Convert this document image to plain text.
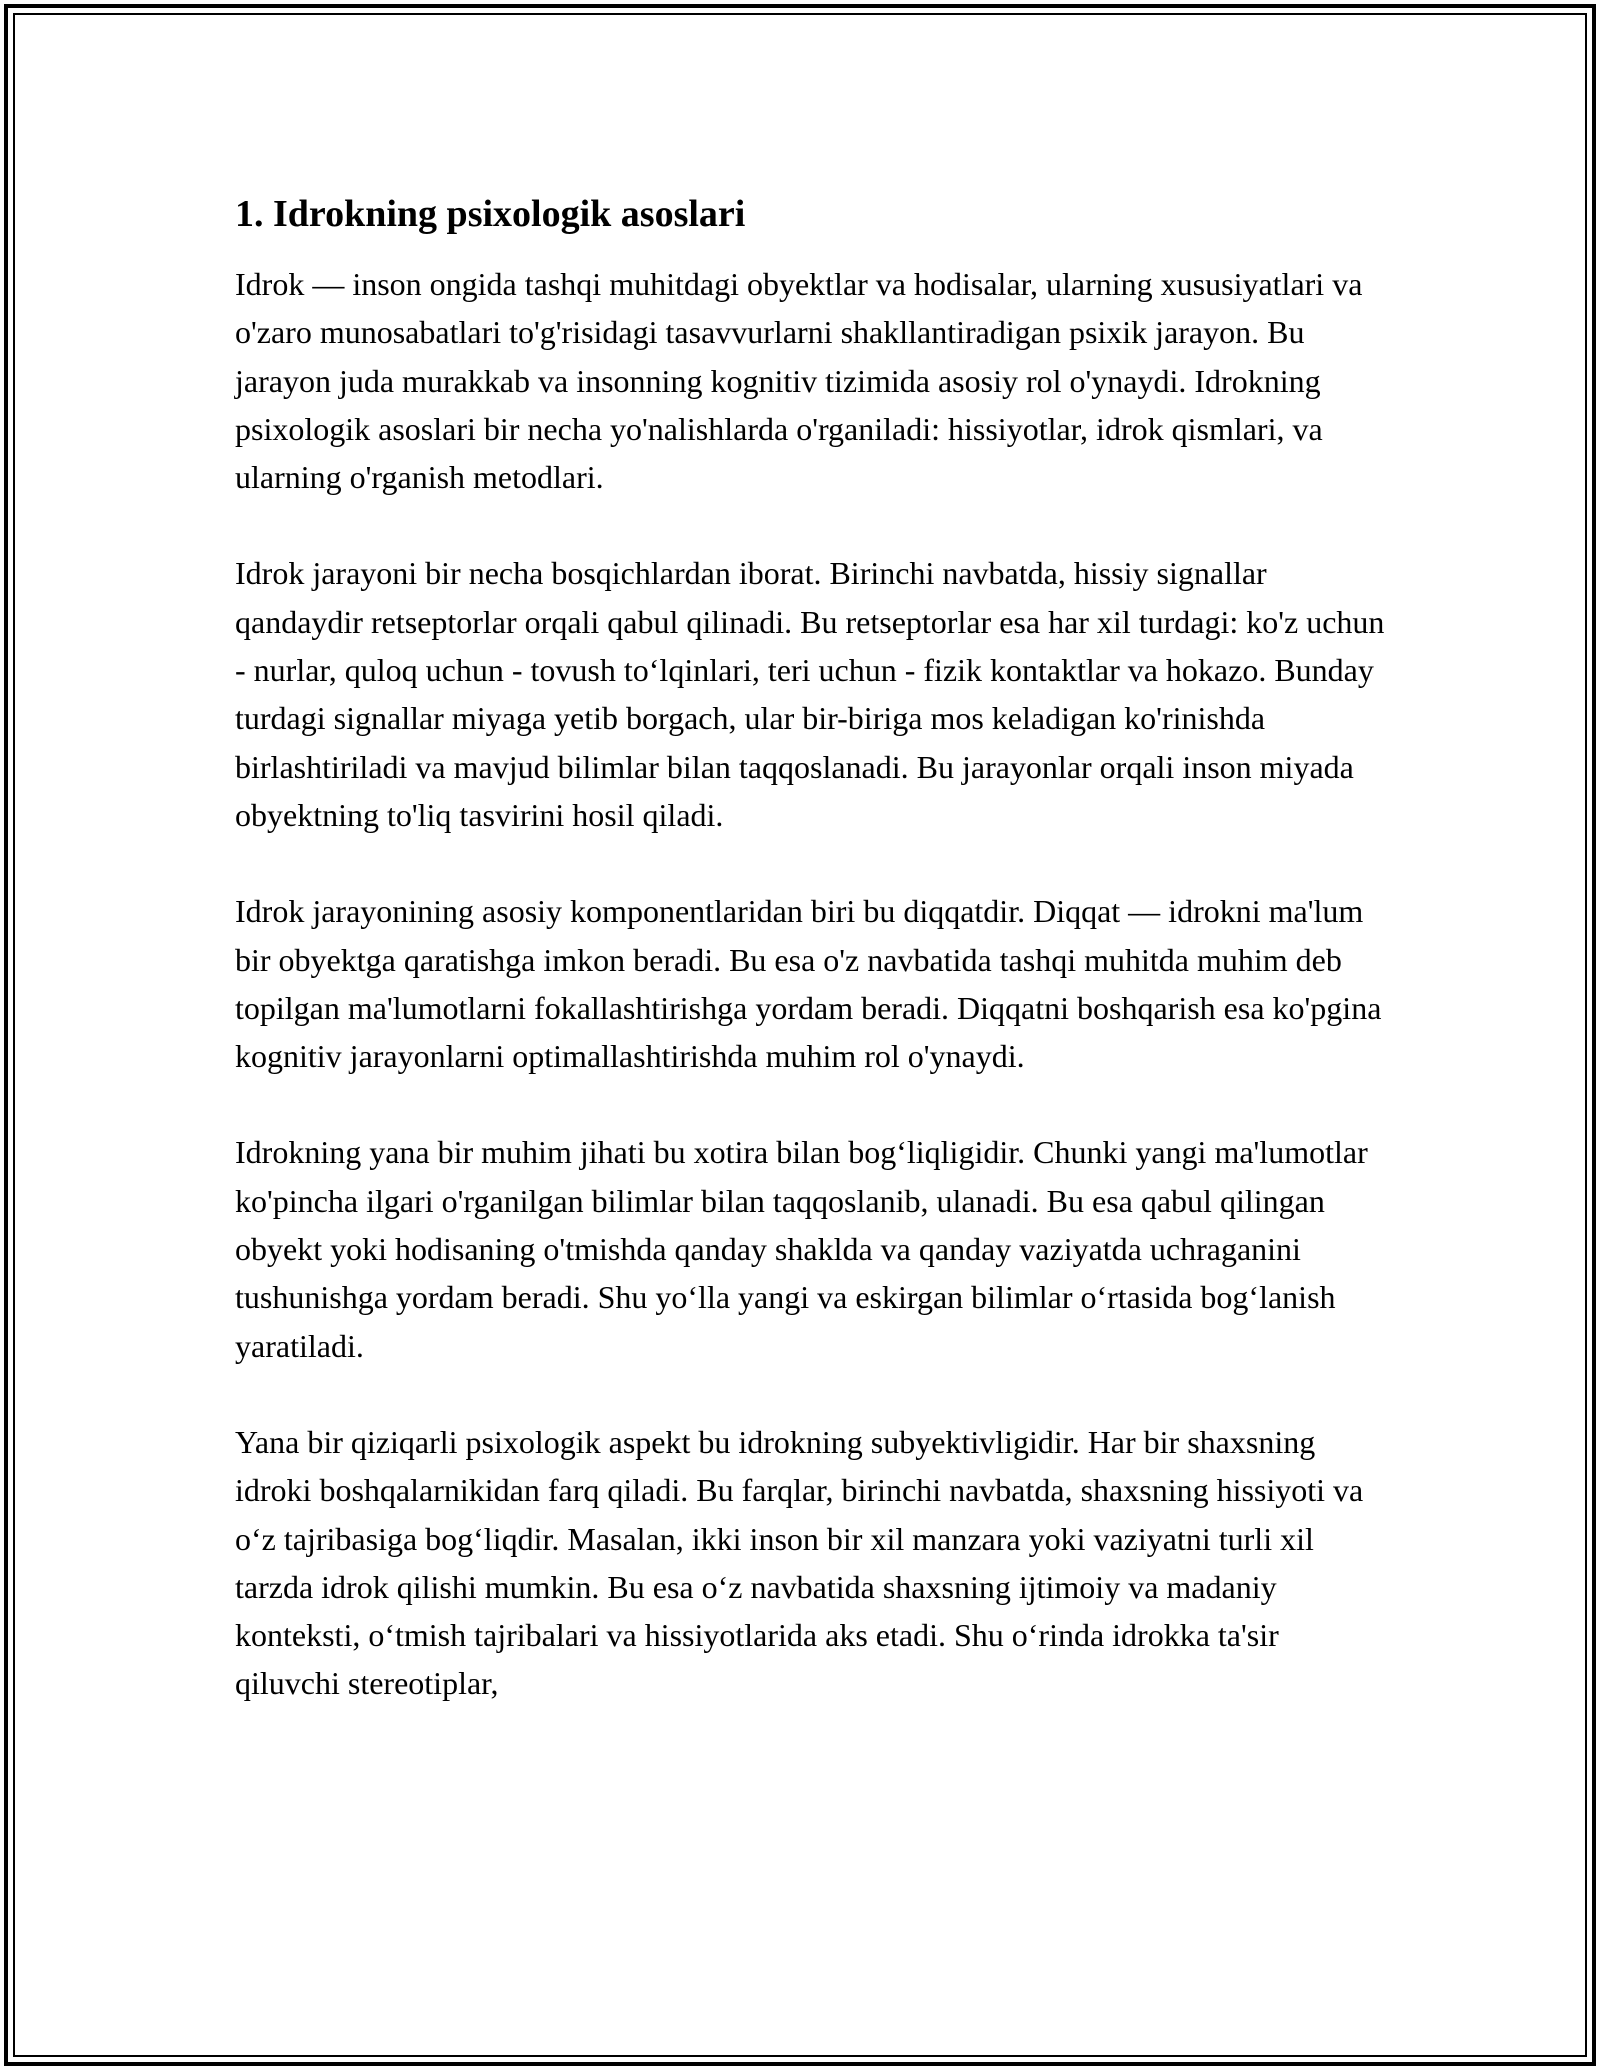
1. Idrokning psixologik asoslari

Idrok — inson ongida tashqi muhitdagi obyektlar va hodisalar, ularning xususiyatlari va o'zaro munosabatlari to'g'risidagi tasavvurlarni shakllantiradigan psixik jarayon. Bu jarayon juda murakkab va insonning kognitiv tizimida asosiy rol o'ynaydi. Idrokning psixologik asoslari bir necha yo'nalishlarda o'rganiladi: hissiyotlar, idrok qismlari, va ularning o'rganish metodlari.

Idrok jarayoni bir necha bosqichlardan iborat. Birinchi navbatda, hissiy signallar qandaydir retseptorlar orqali qabul qilinadi. Bu retseptorlar esa har xil turdagi: ko'z uchun - nurlar, quloq uchun - tovush toʻlqinlari, teri uchun - fizik kontaktlar va hokazo. Bunday turdagi signallar miyaga yetib borgach, ular bir-biriga mos keladigan ko'rinishda birlashtiriladi va mavjud bilimlar bilan taqqoslanadi. Bu jarayonlar orqali inson miyada obyektning to'liq tasvirini hosil qiladi.

Idrok jarayonining asosiy komponentlaridan biri bu diqqatdir. Diqqat — idrokni ma'lum bir obyektga qaratishga imkon beradi. Bu esa o'z navbatida tashqi muhitda muhim deb topilgan ma'lumotlarni fokallashtirishga yordam beradi. Diqqatni boshqarish esa ko'pgina kognitiv jarayonlarni optimallashtirishda muhim rol o'ynaydi.

Idrokning yana bir muhim jihati bu xotira bilan bogʻliqligidir. Chunki yangi ma'lumotlar ko'pincha ilgari o'rganilgan bilimlar bilan taqqoslanib, ulanadi. Bu esa qabul qilingan obyekt yoki hodisaning o'tmishda qanday shaklda va qanday vaziyatda uchraganini tushunishga yordam beradi. Shu yoʻlla yangi va eskirgan bilimlar oʻrtasida bogʻlanish yaratiladi.

Yana bir qiziqarli psixologik aspekt bu idrokning subyektivligidir. Har bir shaxsning idroki boshqalarnikidan farq qiladi. Bu farqlar, birinchi navbatda, shaxsning hissiyoti va oʻz tajribasiga bogʻliqdir. Masalan, ikki inson bir xil manzara yoki vaziyatni turli xil tarzda idrok qilishi mumkin. Bu esa oʻz navbatida shaxsning ijtimoiy va madaniy konteksti, oʻtmish tajribalari va hissiyotlarida aks etadi. Shu oʻrinda idrokka ta'sir qiluvchi stereotiplar,
